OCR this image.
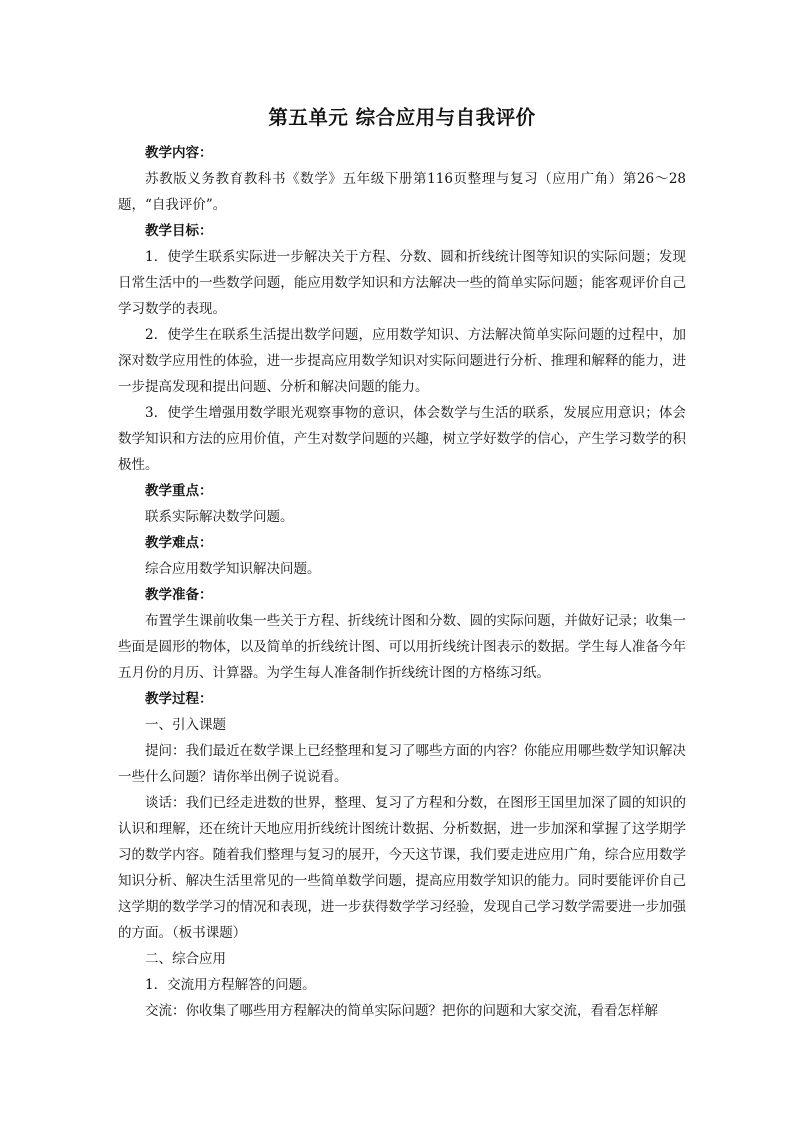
第五单元 综合应用与自我评价
教学内容：

苏教版义务教育教科书《数学》五年级下册第116页整理与复习（应用广角）第26～28题，“自我评价”。

教学目标：

1．使学生联系实际进一步解决关于方程、分数、圆和折线统计图等知识的实际问题；发现日常生活中的一些数学问题，能应用数学知识和方法解决一些的简单实际问题；能客观评价自己学习数学的表现。

2．使学生在联系生活提出数学问题，应用数学知识、方法解决简单实际问题的过程中，加深对数学应用性的体验，进一步提高应用数学知识对实际问题进行分析、推理和解释的能力，进一步提高发现和提出问题、分析和解决问题的能力。

3．使学生增强用数学眼光观察事物的意识，体会数学与生活的联系，发展应用意识；体会数学知识和方法的应用价值，产生对数学问题的兴趣，树立学好数学的信心，产生学习数学的积极性。

教学重点：

联系实际解决数学问题。

教学难点：

综合应用数学知识解决问题。

教学准备：

布置学生课前收集一些关于方程、折线统计图和分数、圆的实际问题，并做好记录；收集一些面是圆形的物体，以及简单的折线统计图、可以用折线统计图表示的数据。学生每人准备今年五月份的月历、计算器。为学生每人准备制作折线统计图的方格练习纸。

教学过程：
一、引入课题

提问：我们最近在数学课上已经整理和复习了哪些方面的内容？你能应用哪些数学知识解决一些什么问题？请你举出例子说说看。

谈话：我们已经走进数的世界，整理、复习了方程和分数，在图形王国里加深了圆的知识的认识和理解，还在统计天地应用折线统计图统计数据、分析数据，进一步加深和掌握了这学期学习的数学内容。随着我们整理与复习的展开，今天这节课，我们要走进应用广角，综合应用数学知识分析、解决生活里常见的一些简单数学问题，提高应用数学知识的能力。同时要能评价自己这学期的数学学习的情况和表现，进一步获得数学学习经验，发现自己学习数学需要进一步加强的方面。（板书课题）

二、综合应用
1．交流用方程解答的问题。

交流：你收集了哪些用方程解决的简单实际问题？把你的问题和大家交流，看看怎样解
